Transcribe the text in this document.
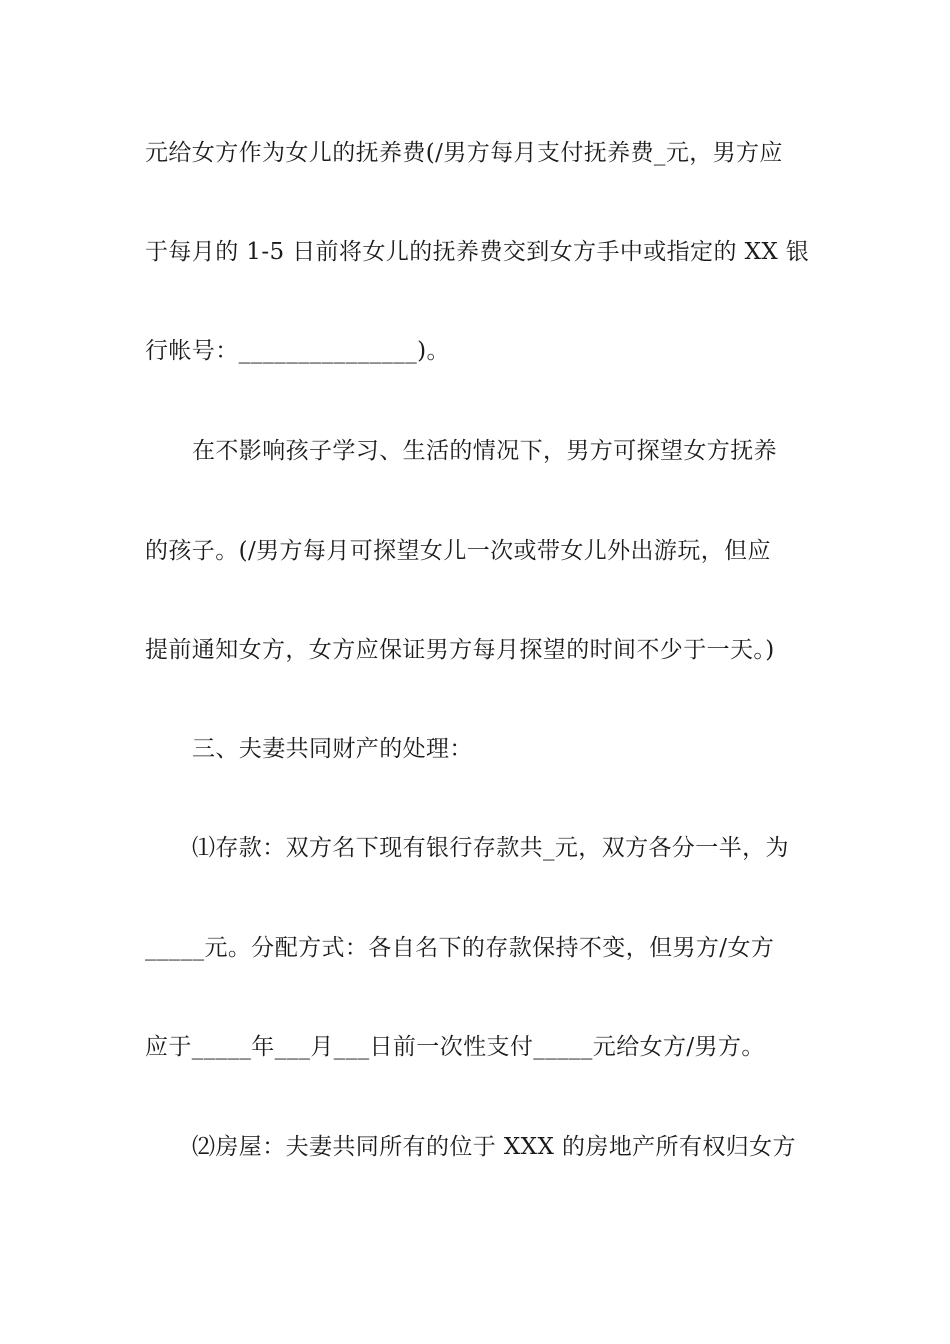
元给女方作为女儿的抚养费(/男方每月支付抚养费_元，男方应
于每月的 1-5 日前将女儿的抚养费交到女方手中或指定的 XX 银
行帐号：_______________)。
在不影响孩子学习、生活的情况下，男方可探望女方抚养
的孩子。(/男方每月可探望女儿一次或带女儿外出游玩，但应
提前通知女方，女方应保证男方每月探望的时间不少于一天。)
三、夫妻共同财产的处理：
⑴存款：双方名下现有银行存款共_元，双方各分一半，为
_____元。分配方式：各自名下的存款保持不变，但男方/女方
应于_____年___月___日前一次性支付_____元给女方/男方。
⑵房屋：夫妻共同所有的位于 XXX 的房地产所有权归女方
